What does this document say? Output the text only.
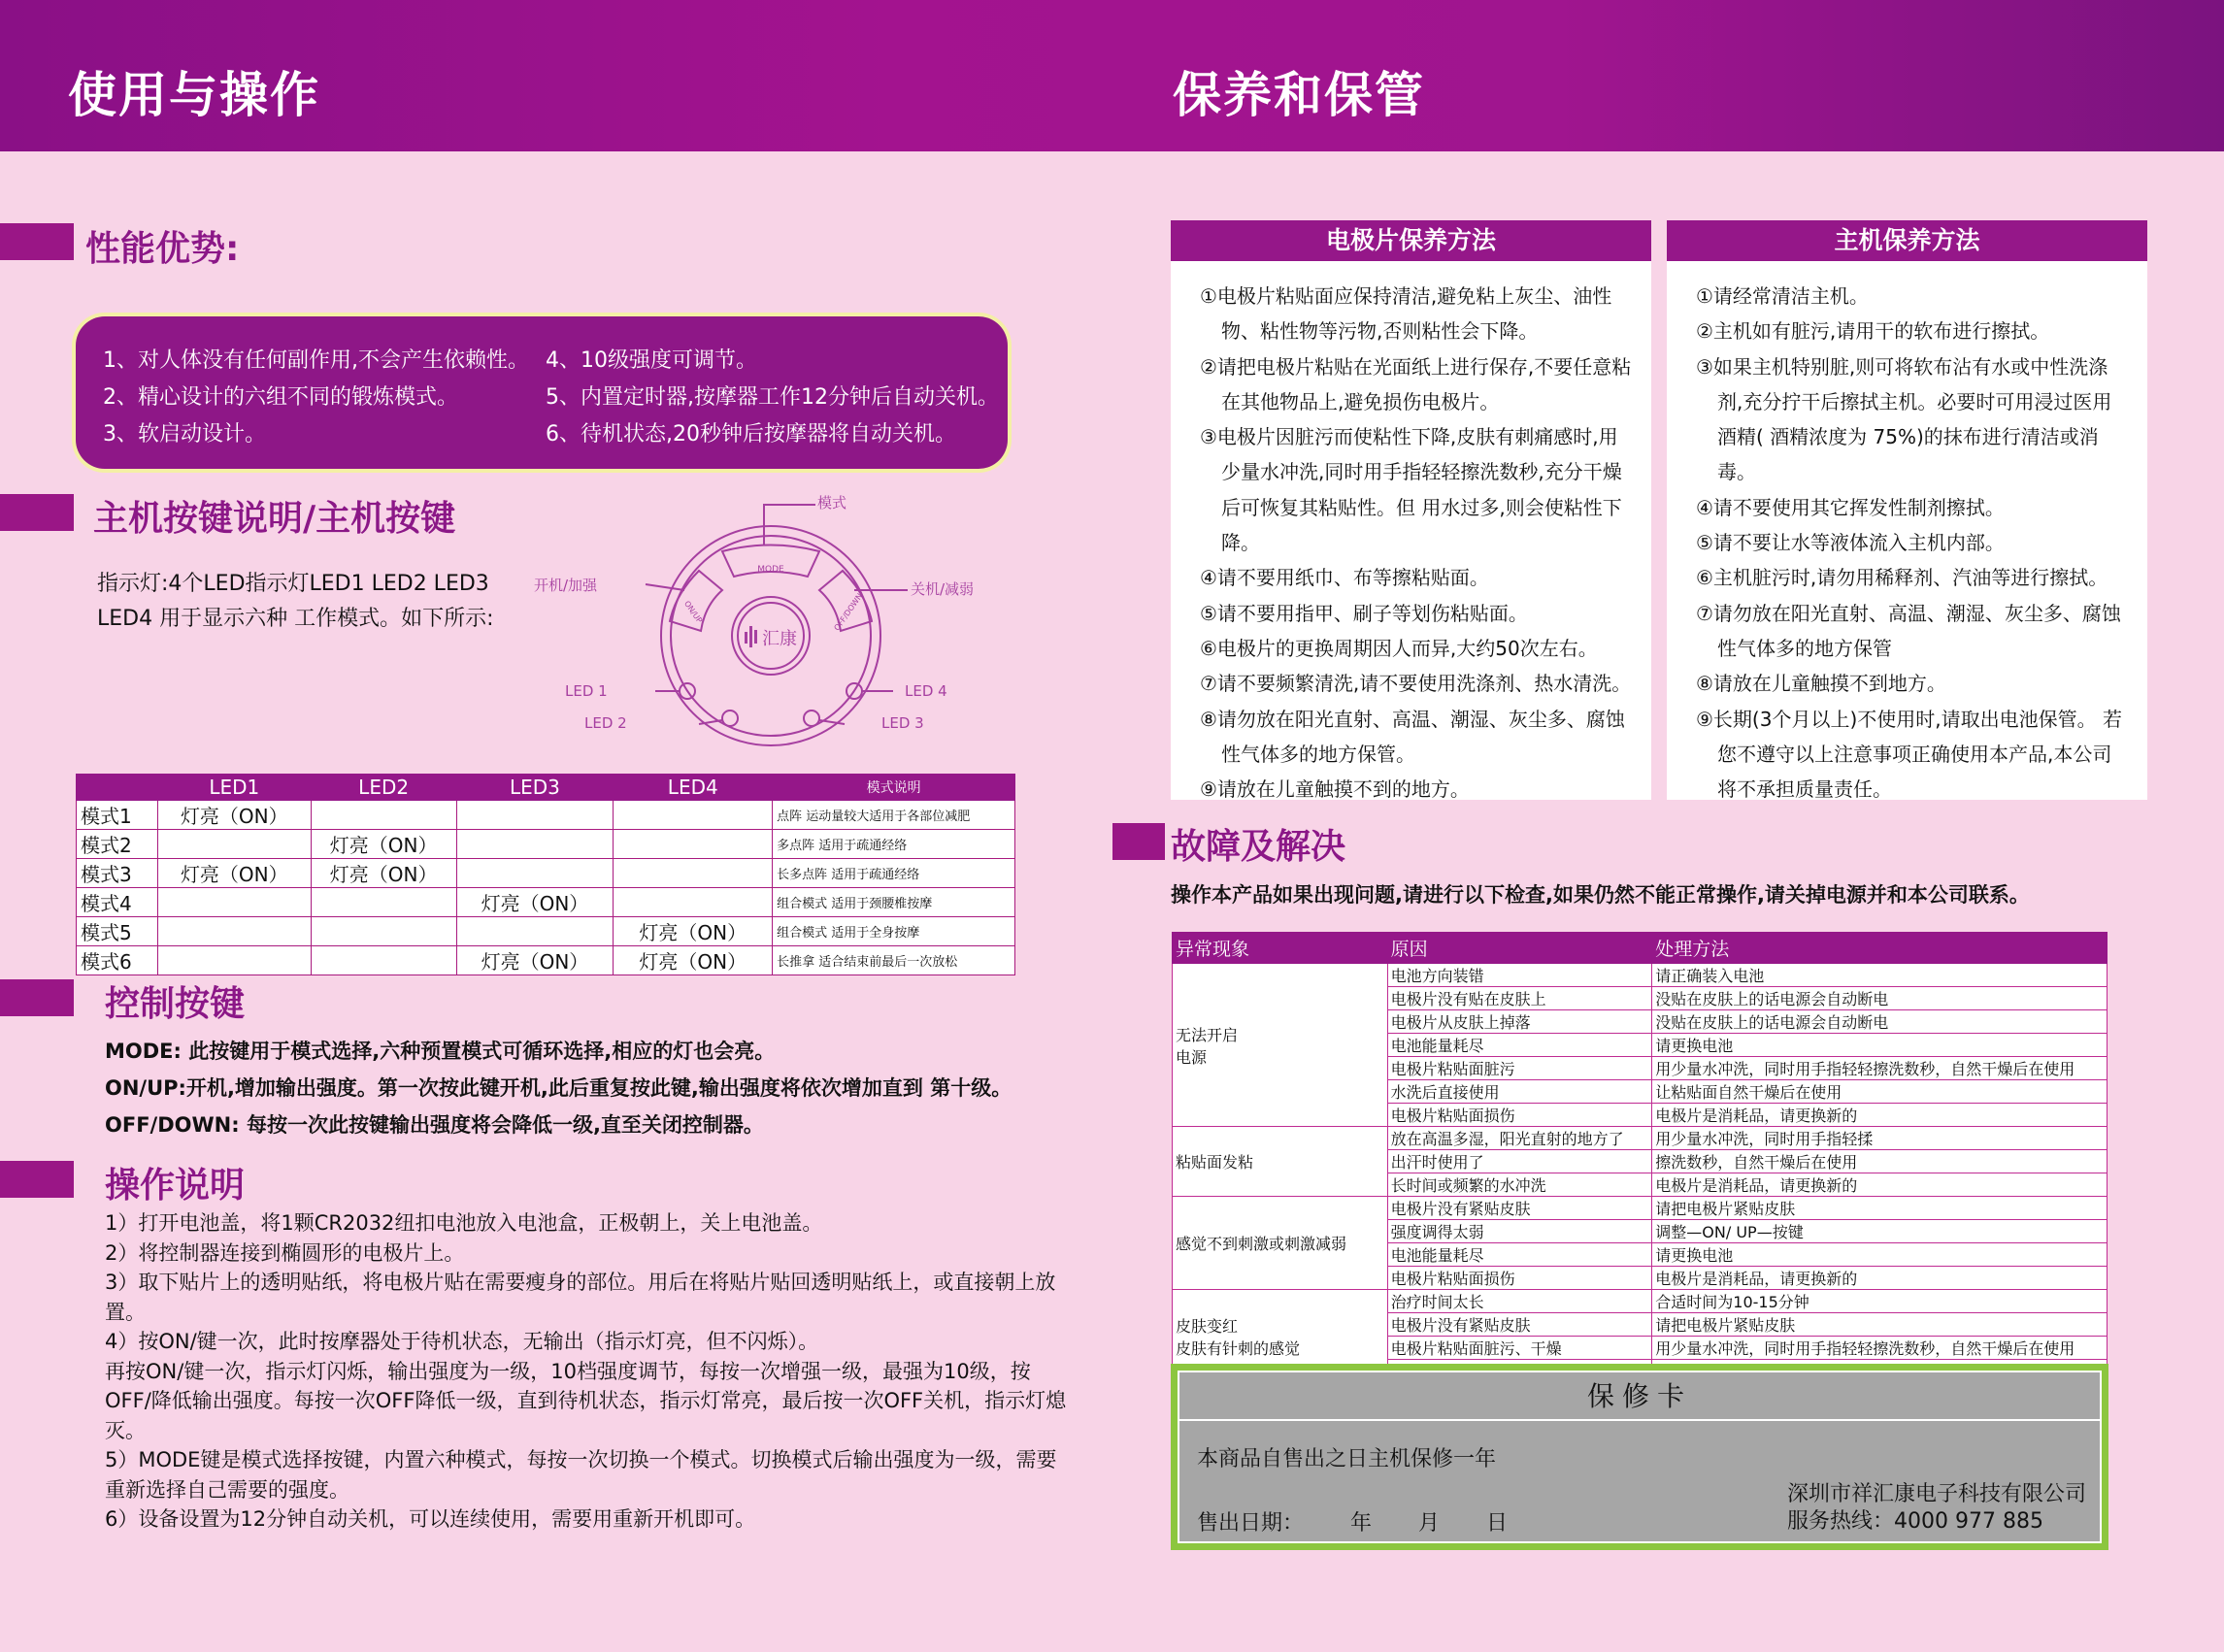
使用与操作	保养和保管
性能优势:
1、对人体没有任何副作用,不会产生依赖性。
2、精心设计的六组不同的锻炼模式。
3、软启动设计。
4、10级强度可调节。
5、内置定时器,按摩器工作12分钟后自动关机。
6、待机状态,20秒钟后按摩器将自动关机。
主机按键说明/主机按键
指示灯:4个LED指示灯LED1 LED2 LED3
LED4 用于显示六种 工作模式。如下所示:
模式
开机/加强	关机/减弱
MODE
ON/UP	OFF/DOWN
汇康
LED 1
LED 2	LED 3
LED 4
	LED1	LED2	LED3	LED4	模式说明
模式1	灯亮（ON）				点阵 运动量较大适用于各部位减肥
模式2		灯亮（ON）			多点阵 适用于疏通经络
模式3	灯亮（ON）	灯亮（ON）			长多点阵 适用于疏通经络
模式4			灯亮（ON）		组合模式 适用于颈腰椎按摩
模式5				灯亮（ON）	组合模式 适用于全身按摩
模式6			灯亮（ON）	灯亮（ON）	长推拿 适合结束前最后一次放松
控制按键
MODE: 此按键用于模式选择,六种预置模式可循环选择,相应的灯也会亮。
ON/UP:开机,增加输出强度。第一次按此键开机,此后重复按此键,输出强度将依次增加直到 第十级。
OFF/DOWN: 每按一次此按键输出强度将会降低一级,直至关闭控制器。
操作说明

1）打开电池盖，将1颗CR2032纽扣电池放入电池盒，正极朝上，关上电池盖。

2）将控制器连接到椭圆形的电极片上。

3）取下贴片上的透明贴纸，将电极片贴在需要瘦身的部位。用后在将贴片贴回透明贴纸上，或直接朝上放置。

4）按ON/键一次，此时按摩器处于待机状态，无输出（指示灯亮，但不闪烁）。

再按ON/键一次，指示灯闪烁，输出强度为一级，10档强度调节，每按一次增强一级，最强为10级，按OFF/降低输出强度。每按一次OFF降低一级，直到待机状态，指示灯常亮，最后按一次OFF关机，指示灯熄灭。

5）MODE键是模式选择按键，内置六种模式，每按一次切换一个模式。切换模式后输出强度为一级，需要重新选择自己需要的强度。

6）设备设置为12分钟自动关机，可以连续使用，需要用重新开机即可。

电极片保养方法
①电极片粘贴面应保持清洁,避免粘上灰尘、油性物、粘性物等污物,否则粘性会下降。
②请把电极片粘贴在光面纸上进行保存,不要任意粘在其他物品上,避免损伤电极片。
③电极片因脏污而使粘性下降,皮肤有刺痛感时,用少量水冲洗,同时用手指轻轻擦洗数秒,充分干燥后可恢复其粘贴性。但 用水过多,则会使粘性下降。
④请不要用纸巾、布等擦粘贴面。
⑤请不要用指甲、刷子等划伤粘贴面。
⑥电极片的更换周期因人而异,大约50次左右。
⑦请不要频繁清洗,请不要使用洗涤剂、热水清洗。
⑧请勿放在阳光直射、高温、潮湿、灰尘多、腐蚀性气体多的地方保管。
⑨请放在儿童触摸不到的地方。
主机保养方法
①请经常清洁主机。
②主机如有脏污,请用干的软布进行擦拭。
③如果主机特别脏,则可将软布沾有水或中性洗涤剂,充分拧干后擦拭主机。必要时可用浸过医用酒精( 酒精浓度为 75%)的抹布进行清洁或消毒。
④请不要使用其它挥发性制剂擦拭。
⑤请不要让水等液体流入主机内部。
⑥主机脏污时,请勿用稀释剂、汽油等进行擦拭。
⑦请勿放在阳光直射、高温、潮湿、灰尘多、腐蚀性气体多的地方保管
⑧请放在儿童触摸不到地方。
⑨长期(3个月以上)不使用时,请取出电池保管。 若您不遵守以上注意事项正确使用本产品,本公司将不承担质量责任。
故障及解决
操作本产品如果出现问题,请进行以下检查,如果仍然不能正常操作,请关掉电源并和本公司联系。
异常现象	原因	处理方法
无法开启
电源	电池方向装错	请正确装入电池
	电极片没有贴在皮肤上	没贴在皮肤上的话电源会自动断电
	电极片从皮肤上掉落	没贴在皮肤上的话电源会自动断电
	电池能量耗尽	请更换电池
	电极片粘贴面脏污	用少量水冲洗，同时用手指轻轻擦洗数秒，自然干燥后在使用
	水洗后直接使用	让粘贴面自然干燥后在使用
	电极片粘贴面损伤	电极片是消耗品，请更换新的
粘贴面发粘	放在高温多湿，阳光直射的地方了	用少量水冲洗，同时用手指轻揉
	出汗时使用了	擦洗数秒，自然干燥后在使用
	长时间或频繁的水冲洗	电极片是消耗品，请更换新的
感觉不到刺激或刺激减弱	电极片没有紧贴皮肤	请把电极片紧贴皮肤
	强度调得太弱	调整—ON/ UP—按键
	电池能量耗尽	请更换电池
	电极片粘贴面损伤	电极片是消耗品，请更换新的
皮肤变红
皮肤有针刺的感觉	治疗时间太长	合适时间为10-15分钟
	电极片没有紧贴皮肤	请把电极片紧贴皮肤
	电极片粘贴面脏污、干燥	用少量水冲洗，同时用手指轻轻擦洗数秒，自然干燥后在使用

保修卡
本商品自售出之日主机保修一年
售出日期： 年 月 日
深圳市祥汇康电子科技有限公司
服务热线：4000 977 885
